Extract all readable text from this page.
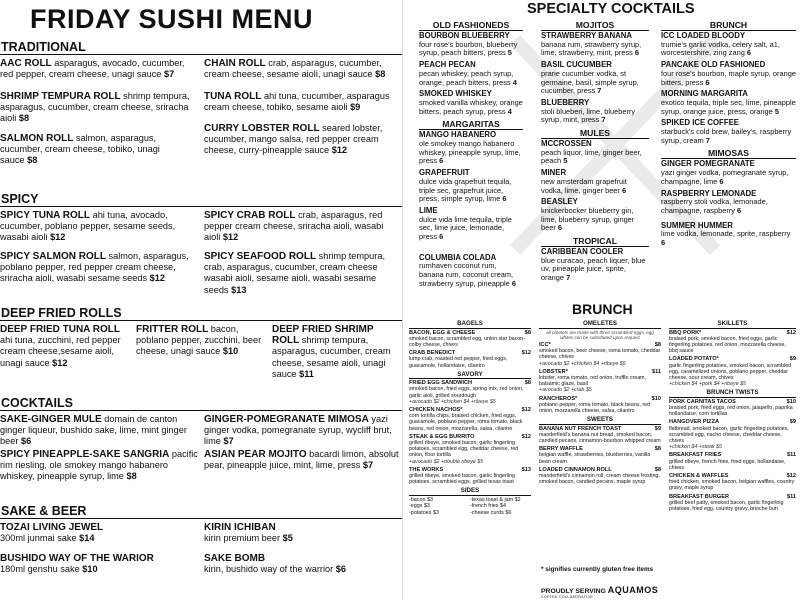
FRIDAY SUSHI MENU
TRADITIONAL
AAC ROLL asparagus, avocado, cucumber, red pepper, cream cheese, unagi sauce $7
CHAIN ROLL crab, asparagus, cucumber, cream cheese, sesame aioli, unagi sauce $8
SHRIMP TEMPURA ROLL shrimp tempura, asparagus, cucumber, cream cheese, sriracha aioli $8
TUNA ROLL ahi tuna, cucumber, asparagus cream cheese, tobiko, sesame aioli $9
SALMON ROLL salmon, asparagus, cucumber, cream cheese, tobiko, unagi sauce $8
CURRY LOBSTER ROLL seared lobster, cucumber, mango salsa, red pepper cream cheese, curry-pineapple sauce $12
SPICY
SPICY TUNA ROLL ahi tuna, avocado, cucumber, poblano pepper, sesame seeds, wasabi aioli $12
SPICY CRAB ROLL crab, asparagus, red pepper cream cheese, sriracha aioli, wasabi aioli $12
SPICY SALMON ROLL salmon, asparagus, poblano pepper, red pepper cream cheese, sriracha aioli, wasabi sesame seeds $12
SPICY SEAFOOD ROLL shrimp tempura, crab, asparagus, cucumber, cream cheese wasabi aioli, sesame aioli, wasabi sesame seeds $13
DEEP FRIED ROLLS
DEEP FRIED TUNA ROLL ahi tuna, zucchini, red pepper cream cheese,sesame aioli, unagi sauce $12
FRITTER ROLL bacon, poblano pepper, zucchini, beer cheese, unagi sauce $10
DEEP FRIED SHRIMP ROLL shrimp tempura, asparagus, cucumber, cream cheese, sesame aioli, unagi sauce $11
COCKTAILS
SAKE-GINGER MULE domain de canton ginger liqueur, bushido sake, lime, mint ginger beer $6
GINGER-POMEGRANATE MIMOSA yazi ginger vodka, pomegranate syrup, wycliff brut, lime $7
SPICY PINEAPPLE-SAKE SANGRIA pacific rim riesling, ole smokey mango habanero whiskey, pineapple syrup, lime $8
ASIAN PEAR MOJITO bacardi limon, absolut pear, pineapple juice, mint, lime, press $7
SAKE & BEER
TOZAI LIVING JEWEL
300ml junmai sake $14
KIRIN ICHIBAN
kirin premium beer $5
BUSHIDO WAY OF THE WARIOR
180ml genshu sake $10
SAKE BOMB
kirin, bushido way of the warrior $6
SPECIALTY COCKTAILS
OLD FASHIONEDS
BOURBON BLUEBERRY
four rose's bourbon, blueberry syrup, peach bitters, press 5
PEACH PECAN
pecan whiskey, peach syrup, orange, peach bitters, press 4
SMOKED WHISKEY
smoked vanilla whiskey, orange bitters, peach syrup, press 4
MARGARITAS
MANGO HABANERO
ole smokey mango habanero whiskey, pineapple syrup, lime, press 6
GRAPEFRUIT
dulce vida grapefruit tequila, triple sec, grapefruit juice, press, simple syrup, lime 6
LIME
dulce vida lime tequila, triple sec, lime juice, lemonade, press 6
COLUMBIA COLADA
rumhaven coconut rum, banana rum, coconut cream, strawberry syrup, pineapple 6
MOJITOS
STRAWBERRY BANANA
banana rum, strawberry syrup, lime, strawberry, mint, press 6
BASIL CUCUMBER
prarie cucumber vodka, st germaine, basil, simple syrup, cucumber, press 7
BLUEBERRY
stoli blueberi, lime, blueberry syrup, mint, press 7
MULES
MCCROSSEN
peach liquor, lime, ginger beer, peach 5
MINER
new amsterdam grapefruit vodka, lime, ginger beer 6
BEASLEY
knickerbocker blueberry gin, lime, blueberry syrup, ginger beer 6
TROPICAL
CARIBBEAN COOLER
blue curacao, peach liquer, blue uv, pineapple juice, sprite, orange 7
BRUNCH
ICC LOADED BLOODY
trumie's garlic vodka, celery salt, a1, worcestershire, zing zang 6
PANCAKE OLD FASHIONED
four rose's bourbon, maple syrup, orange bitters, press 6
MORNING MARGARITA
exotico tequila, triple sec, lime, pineapple syrup, orange juice, press, orange 5
SPIKED ICE COFFEE
starbuck's cold brew, bailey's, raspberry syrup, cream 7
MIMOSAS
GINGER POMEGRANATE
yazi ginger vodka, pomegranate syrup, champagne, lime 6
RASPBERRY LEMONADE
raspberry stoli vodka, lemonade, champagne, raspberry 6
SUMMER HUMMER
lime vodka, lemonade, sprite, raspberry 6
BRUNCH
BAGELS
BACON, EGG & CHEESE	$8
smoked bacon, scrambled egg, union star bacon-colby cheese, chives
CRAB BENEDICT	$12
lump crab, roasted red pepper, fried eggs, guacamole, hollandaise, cilantro
SAVORY
FRIED EGG SANDWICH	$8
smoked bacon, fried eggs, spring mix, red onion, garlic aioli, grilled sourdough
+avocado $2 +chicken $4 +ribeye $5
CHICKEN NACHOS*	$12
corn tortilla chips, braised chicken, fried eggs, guacamole, poblano pepper, roma tomato, black beans, red onion, mozzarella, salsa, cilantro
STEAK & EGG BURRITO	$12
grilled ribeye, smoked bacon, garlic fingerling potatoes, scrambled egg, cheddar cheese, red onion, flour tortilla
+avocado $2 +double ribeye $5
THE WORKS	$13
grilled ribeye, smoked bacon, garlic fingerling potatoes, scrambled eggs, grilled texas toast
SIDES
-bacon $3	-texas toast & jam $2
-eggs $3	-french fries $4
-potatoes $3	-cheese curds $6
OMELETES
all omelets are made with three scrambled eggs, egg whites can be substituted upon request
ICC*	$8
smoked bacon, beer cheese, roma tomato, cheddar cheese, chives
+avocado $2 +chicken $4 +ribeye $5
LOBSTER*	$11
lobster, roma tomato, red onion, truffle cream, balsamic glaze, basil
+avocado $2 +crab $5
RANCHEROS*	$10
poblano pepper, roma tomato, black beans, red onion, mozzarella cheese, salsa, cilantro
SWEETS
BANANA NUT FRENCH TOAST	$9
manderfield's banana nut bread, smoked bacon, candied pecans, cinnamon-bourbon whipped cream
BERRY WAFFLE	$8
belgian waffle, strawberries, blueberries, vanilla bean cream
LOADED CINNAMON ROLL	$8
manderfield's cinnamon roll, cream cheese frosting, smoked bacon, candied pecans, maple syrup
SKILLETS
BBQ PORK*	$12
braised pork, smoked bacon, fried eggs, garlic fingerling potatoes, red onion, mozzarella cheese, bbq sauce
LOADED POTATO*	$9
garlic fingerling potatoes, smoked bacon, scrambled egg, caramelized onions, poblano pepper, cheddar cheese, sour cream, chives
+chicken $4 +pork $4 +ribeye $5
BRUNCH TWISTS
PORK CARNITAS TACOS	$10
braised pork, fried eggs, red onion, jalapeño, paprika hollandaise, corn tortillas
HANGOVER PIZZA	$9
flatbread, smoked bacon, garlic fingerling potatoes, scrambled egg, nacho cheese, cheddar cheese, chives
+chicken $4 +steak $5
BREAKFAST FRIES	$11
grilled ribeye, french fries, fried eggs, hollandaise, chives
CHICKEN & WAFFLES	$12
fried chicken, smoked bacon, belgian waffles, country gravy, maple syrup
BREAKFAST BURGER	$11
grilled beef patty, smoked bacon, garlic fingerling potatoes, fried egg, country gravy, brioche bun
* signifies currently gluten free items
PROUDLY SERVING AQUAMOS
COFFEE COLLABORATIVE
